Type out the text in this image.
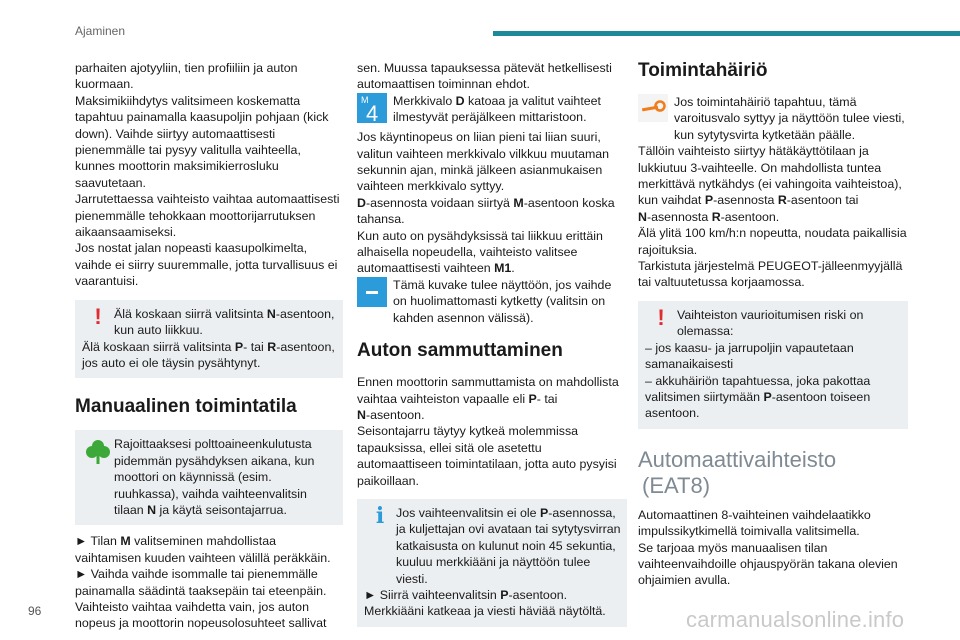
Ajaminen

parhaiten ajotyyliin, tien profiiliin ja auton kuormaan.

Maksimikiihdytys valitsimeen koskematta tapahtuu painamalla kaasupoljin pohjaan (kick down). Vaihde siirtyy automaattisesti pienemmälle tai pysyy valitulla vaihteella, kunnes moottorin maksimikierrosluku saavutetaan.

Jarrutettaessa vaihteisto vaihtaa automaattisesti pienemmälle tehokkaan moottorijarrutuksen aikaansaamiseksi.

Jos nostat jalan nopeasti kaasupolkimelta, vaihde ei siirry suuremmalle, jotta turvallisuus ei vaarantuisi.

! Älä koskaan siirrä valitsinta N-asentoon, kun auto liikkuu.

Älä koskaan siirrä valitsinta P- tai R-asentoon, jos auto ei ole täysin pysähtynyt.

Manuaalinen toimintatila

Rajoittaaksesi polttoaineenkulutusta pidemmän pysähdyksen aikana, kun moottori on käynnissä (esim. ruuhkassa), vaihda vaihteenvalitsin tilaan N ja käytä seisontajarrua.

► Tilan M valitseminen mahdollistaa vaihtamisen kuuden vaihteen välillä peräkkäin.

► Vaihda vaihde isommalle tai pienemmälle painamalla säädintä taaksepäin tai eteenpäin.

Vaihteisto vaihtaa vaihdetta vain, jos auton nopeus ja moottorin nopeusolosuhteet sallivat

sen. Muussa tapauksessa pätevät hetkellisesti automaattisen toiminnan ehdot.

M
4	Merkkivalo D katoaa ja valitut vaihteet ilmestyvät peräjälkeen mittaristoon.

Jos käyntinopeus on liian pieni tai liian suuri, valitun vaihteen merkkivalo vilkkuu muutaman sekunnin ajan, minkä jälkeen asianmukaisen vaihteen merkkivalo syttyy.

D-asennosta voidaan siirtyä M-asentoon koska tahansa.

Kun auto on pysähdyksissä tai liikkuu erittäin alhaisella nopeudella, vaihteisto valitsee automaattisesti vaihteen M1.

Tämä kuvake tulee näyttöön, jos vaihde on huolimattomasti kytketty (valitsin on kahden asennon välissä).

Auton sammuttaminen

Ennen moottorin sammuttamista on mahdollista vaihtaa vaihteiston vapaalle eli P- tai
N-asentoon.

Seisontajarru täytyy kytkeä molemmissa tapauksissa, ellei sitä ole asetettu automaattiseen toimintatilaan, jotta auto pysyisi paikoillaan.

i Jos vaihteenvalitsin ei ole P-asennossa, ja kuljettajan ovi avataan tai sytytysvirran katkaisusta on kulunut noin 45 sekuntia, kuuluu merkkiääni ja näyttöön tulee viesti.

► Siirrä vaihteenvalitsin P-asentoon.

Merkkiääni katkeaa ja viesti häviää näytöltä.

Toimintahäiriö

Jos toimintahäiriö tapahtuu, tämä varoitusvalo syttyy ja näyttöön tulee viesti, kun sytytysvirta kytketään päälle.

Tällöin vaihteisto siirtyy hätäkäyttötilaan ja lukkiutuu 3-vaihteelle. On mahdollista tuntea merkittävä nytkähdys (ei vahingoita vaihteistoa), kun vaihdat P-asennosta R-asentoon tai
N-asennosta R-asentoon.

Älä ylitä 100 km/h:n nopeutta, noudata paikallisia rajoituksia.

Tarkistuta järjestelmä PEUGEOT-jälleenmyyjällä tai valtuutetussa korjaamossa.

! Vaihteiston vaurioitumisen riski on olemassa:

– jos kaasu- ja jarrupoljin vapautetaan samanaikaisesti

– akkuhäiriön tapahtuessa, joka pakottaa valitsimen siirtymään P-asentoon toiseen asentoon.

Automaattivaihteisto
(EAT8)

Automaattinen 8-vaihteinen vaihdelaatikko impulssikytkimellä toimivalla valitsimella.

Se tarjoaa myös manuaalisen tilan vaihteenvaihdoille ohjauspyörän takana olevien ohjaimien avulla.

96	carmanualsonline.info
